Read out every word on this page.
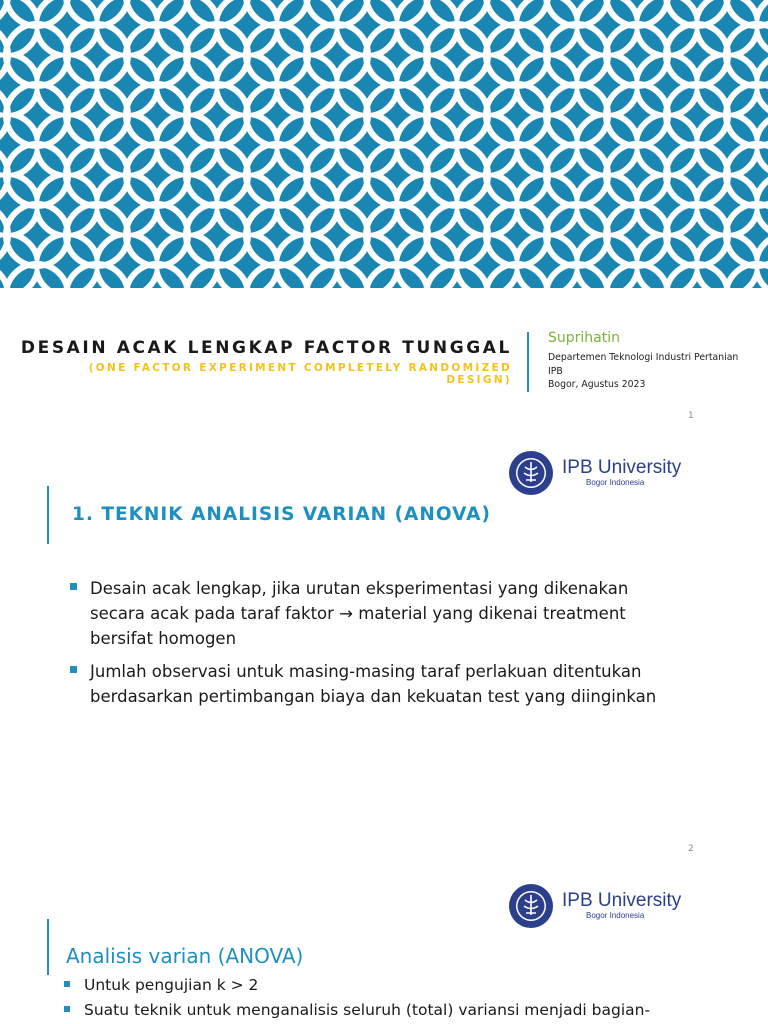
DESAIN ACAK LENGKAP FACTOR TUNGGAL
(ONE FACTOR EXPERIMENT COMPLETELY RANDOMIZED DESIGN)
Suprihatin
Departemen Teknologi Industri Pertanian
IPB
Bogor, Agustus 2023
1
IPB University
Bogor Indonesia
1. TEKNIK ANALISIS VARIAN (ANOVA)
Desain acak lengkap, jika urutan eksperimentasi yang dikenakan secara acak pada taraf faktor → material yang dikenai treatment bersifat homogen
Jumlah observasi untuk masing-masing taraf perlakuan ditentukan berdasarkan pertimbangan biaya dan kekuatan test yang diinginkan
2
IPB University
Bogor Indonesia
Analisis varian (ANOVA)
Untuk pengujian k > 2
Suatu teknik untuk menganalisis seluruh (total) variansi menjadi bagian-
